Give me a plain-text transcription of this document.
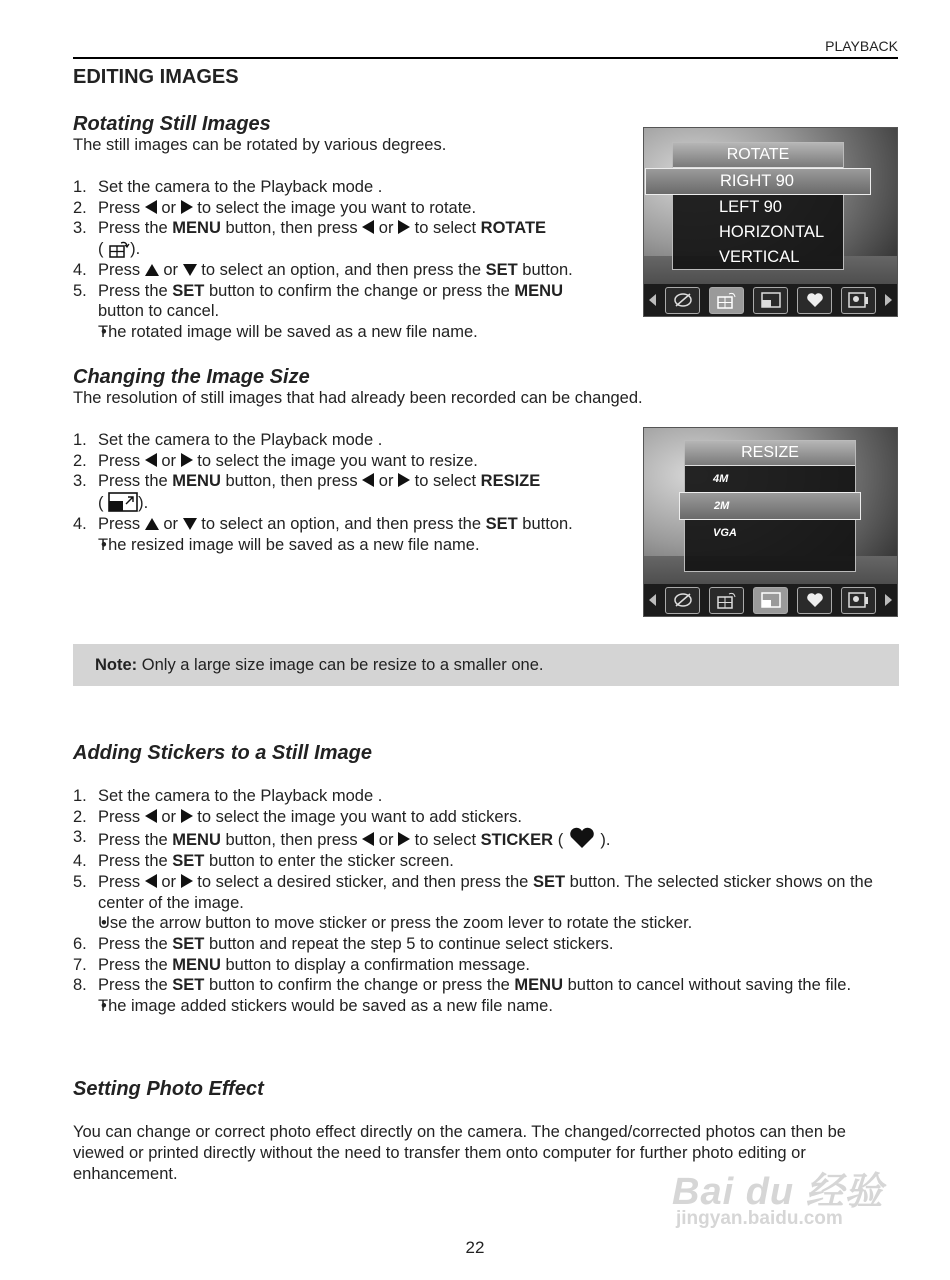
PLAYBACK
EDITING IMAGES
Rotating Still Images
The still images can be rotated by various degrees.
1. Set the camera to the Playback mode .
2. Press or to select the image you want to rotate.
3. Press the MENU button, then press or to select ROTATE
( ).
4. Press or to select an option, and then press the SET button.
5. Press the SET button to confirm the change or press the MENU
button to cancel.
• The rotated image will be saved as a new file name.
ROTATE
RIGHT 90
LEFT 90
HORIZONTAL
VERTICAL
Changing the Image Size
The resolution of still images that had already been recorded can be changed.
1. Set the camera to the Playback mode .
2. Press or to select the image you want to resize.
3. Press the MENU button, then press or to select RESIZE
( ).
4. Press or to select an option, and then press the SET button.
• The resized image will be saved as a new file name.
RESIZE
4M
2M
VGA
Note: Only a large size image can be resize to a smaller one.
Adding Stickers to a Still Image
1. Set the camera to the Playback mode .
2. Press or to select the image you want to add stickers.
3. Press the MENU button, then press or to select STICKER ( ).
4. Press the SET button to enter the sticker screen.
5. Press or to select a desired sticker, and then press the SET button. The selected sticker shows on the center of the image.
• Use the arrow button to move sticker or press the zoom lever to rotate the sticker.
6. Press the SET button and repeat the step 5 to continue select stickers.
7. Press the MENU button to display a confirmation message.
8. Press the SET button to confirm the change or press the MENU button to cancel without saving the file.
• The image added stickers would be saved as a new file name.
Setting Photo Effect
You can change or correct photo effect directly on the camera. The changed/corrected photos can then be viewed or printed directly without the need to transfer them onto computer for further photo editing or enhancement.	Bai du 经验
jingyan.baidu.com
22
